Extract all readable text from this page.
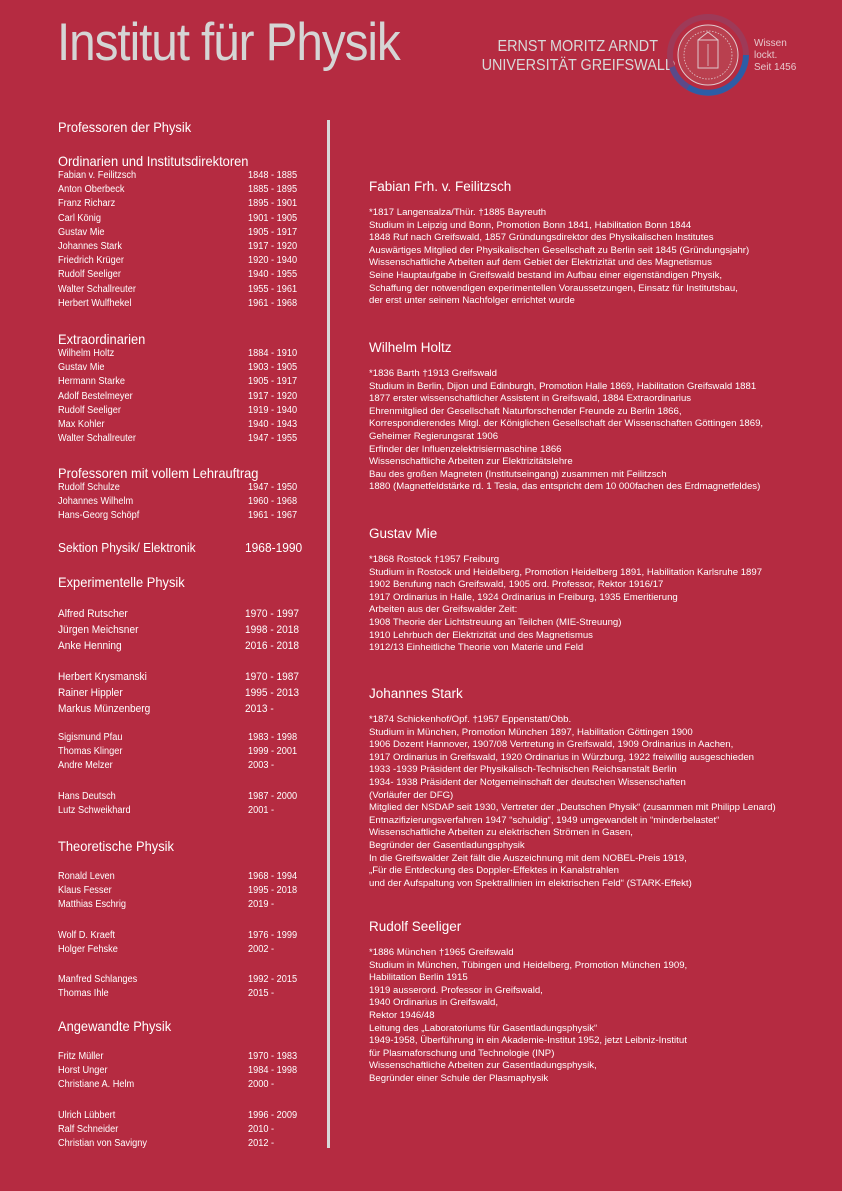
Institut für Physik	ERNST MORITZ ARNDT
UNIVERSITÄT GREIFSWALD
Wissen
lockt.
Seit 1456
Professoren der Physik
Ordinarien und Institutsdirektoren
Fabian v. Feilitzsch	1848 - 1885
Anton Oberbeck	1885 - 1895
Franz Richarz	1895 - 1901
Carl König	1901 - 1905
Gustav Mie	1905 - 1917
Johannes Stark	1917 - 1920
Friedrich Krüger	1920 - 1940
Rudolf Seeliger	1940 - 1955
Walter Schallreuter	1955 - 1961
Herbert Wulfhekel	1961 - 1968
Extraordinarien
Wilhelm Holtz	1884 - 1910
Gustav Mie	1903 - 1905
Hermann Starke	1905 - 1917
Adolf Bestelmeyer	1917 - 1920
Rudolf Seeliger	1919 - 1940
Max Kohler	1940 - 1943
Walter Schallreuter	1947 - 1955
Professoren mit vollem Lehrauftrag
Rudolf Schulze	1947 - 1950
Johannes Wilhelm	1960 - 1968
Hans-Georg Schöpf	1961 - 1967
Sektion Physik/ Elektronik	1968-1990
Experimentelle Physik
Alfred Rutscher	1970 - 1997
Jürgen Meichsner	1998 - 2018
Anke Henning	2016 - 2018
Herbert Krysmanski	1970 - 1987
Rainer Hippler	1995 - 2013
Markus Münzenberg	2013 -
Sigismund Pfau	1983 - 1998
Thomas Klinger	1999 - 2001
Andre Melzer	2003 -
Hans Deutsch	1987 - 2000
Lutz Schweikhard	2001 -
Theoretische Physik
Ronald Leven	1968 - 1994
Klaus Fesser	1995 - 2018
Matthias Eschrig	2019 -
Wolf D. Kraeft	1976 - 1999
Holger Fehske	2002 -
Manfred Schlanges	1992 - 2015
Thomas Ihle	2015 -
Angewandte Physik
Fritz Müller	1970 - 1983
Horst Unger	1984 - 1998
Christiane A. Helm	2000 -
Ulrich Lübbert	1996 - 2009
Ralf Schneider	2010 -
Christian von Savigny	2012 -
Fabian Frh. v. Feilitzsch
*1817 Langensalza/Thür. †1885 Bayreuth
Studium in Leipzig und Bonn, Promotion Bonn 1841, Habilitation Bonn 1844
1848 Ruf nach Greifswald, 1857 Gründungsdirektor des Physikalischen Institutes
Auswärtiges Mitglied der Physikalischen Gesellschaft zu Berlin seit 1845 (Gründungsjahr)
Wissenschaftliche Arbeiten auf dem Gebiet der Elektrizität und des Magnetismus
Seine Hauptaufgabe in Greifswald bestand im Aufbau einer eigenständigen Physik,
Schaffung der notwendigen experimentellen Voraussetzungen, Einsatz für Institutsbau,
der erst unter seinem Nachfolger errichtet wurde
Wilhelm Holtz
*1836 Barth †1913 Greifswald
Studium in Berlin, Dijon und Edinburgh, Promotion Halle 1869, Habilitation Greifswald 1881
1877 erster wissenschaftlicher Assistent in Greifswald, 1884 Extraordinarius
Ehrenmitglied der Gesellschaft Naturforschender Freunde zu Berlin 1866,
Korrespondierendes Mitgl. der Königlichen Gesellschaft der Wissenschaften Göttingen 1869,
Geheimer Regierungsrat 1906
Erfinder der Influenzelektrisiermaschine 1866
Wissenschaftliche Arbeiten zur Elektrizitätslehre
Bau des großen Magneten (Institutseingang) zusammen mit Feilitzsch
1880 (Magnetfeldstärke rd. 1 Tesla, das entspricht dem 10 000fachen des Erdmagnetfeldes)
Gustav Mie
*1868 Rostock †1957 Freiburg
Studium in Rostock und Heidelberg, Promotion Heidelberg 1891, Habilitation Karlsruhe 1897
1902 Berufung nach Greifswald, 1905 ord. Professor, Rektor 1916/17
1917 Ordinarius in Halle, 1924 Ordinarius in Freiburg, 1935 Emeritierung
Arbeiten aus der Greifswalder Zeit:
1908 Theorie der Lichtstreuung an Teilchen (MIE-Streuung)
1910 Lehrbuch der Elektrizität und des Magnetismus
1912/13 Einheitliche Theorie von Materie und Feld
Johannes Stark
*1874 Schickenhof/Opf. †1957 Eppenstatt/Obb.
Studium in München, Promotion München 1897, Habilitation Göttingen 1900
1906 Dozent Hannover, 1907/08 Vertretung in Greifswald, 1909 Ordinarius in Aachen,
1917 Ordinarius in Greifswald, 1920 Ordinarius in Würzburg, 1922 freiwillig ausgeschieden
1933 -1939 Präsident der Physikalisch-Technischen Reichsanstalt Berlin
1934- 1938 Präsident der Notgemeinschaft der deutschen Wissenschaften
(Vorläufer der DFG)
Mitglied der NSDAP seit 1930, Vertreter der „Deutschen Physik“ (zusammen mit Philipp Lenard)
Entnazifizierungsverfahren 1947 “schuldig“, 1949 umgewandelt in “minderbelastet“
Wissenschaftliche Arbeiten zu elektrischen Strömen in Gasen,
Begründer der Gasentladungsphysik
In die Greifswalder Zeit fällt die Auszeichnung mit dem NOBEL-Preis 1919,
„Für die Entdeckung des Doppler-Effektes in Kanalstrahlen
und der Aufspaltung von Spektrallinien im elektrischen Feld“ (STARK-Effekt)
Rudolf Seeliger
*1886 München †1965 Greifswald
Studium in München, Tübingen und Heidelberg, Promotion München 1909,
Habilitation Berlin 1915
1919 ausserord. Professor in Greifswald,
1940 Ordinarius in Greifswald,
Rektor 1946/48
Leitung des „Laboratoriums für Gasentladungsphysik“
1949-1958, Überführung in ein Akademie-Institut 1952, jetzt Leibniz-Institut
für Plasmaforschung und Technologie (INP)
Wissenschaftliche Arbeiten zur Gasentladungsphysik,
Begründer einer Schule der Plasmaphysik
